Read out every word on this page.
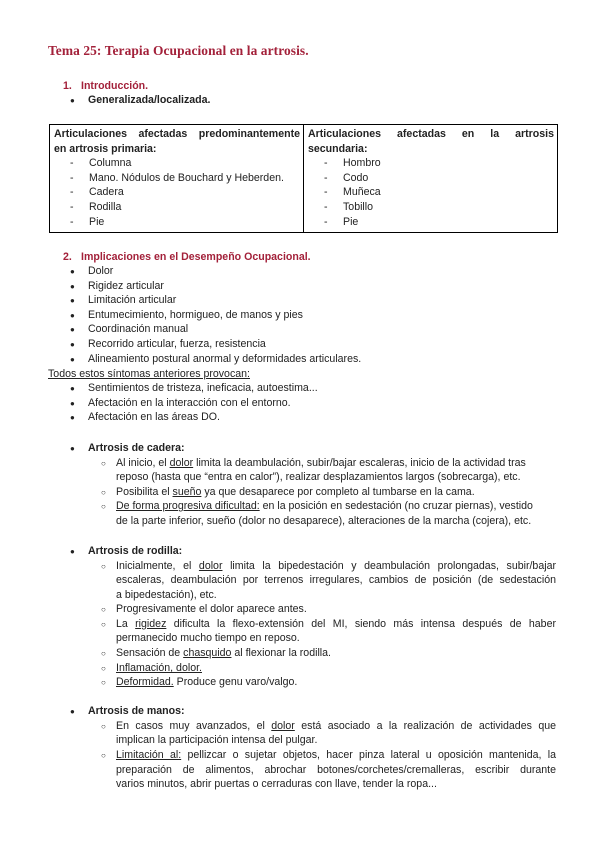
Tema 25: Terapia Ocupacional en la artrosis.
1. Introducción.
● Generalizada/localizada.
Articulaciones afectadas predominantemente
en artrosis primaria:
- Columna
- Mano. Nódulos de Bouchard y Heberden.
- Cadera
- Rodilla
- Pie

Articulaciones afectadas en la artrosis
secundaria:
- Hombro
- Codo
- Muñeca
- Tobillo
- Pie
2. Implicaciones en el Desempeño Ocupacional.
● Dolor
● Rigidez articular
● Limitación articular
● Entumecimiento, hormigueo, de manos y pies
● Coordinación manual
● Recorrido articular, fuerza, resistencia
● Alineamiento postural anormal y deformidades articulares.
Todos estos síntomas anteriores provocan:
● Sentimientos de tristeza, ineficacia, autoestima...
● Afectación en la interacción con el entorno.
● Afectación en las áreas DO.
● Artrosis de cadera:
○ Al inicio, el dolor limita la deambulación, subir/bajar escaleras, inicio de la actividad tras
reposo (hasta que “entra en calor”), realizar desplazamientos largos (sobrecarga), etc.
○ Posibilita el sueño ya que desaparece por completo al tumbarse en la cama.
○ De forma progresiva dificultad: en la posición en sedestación (no cruzar piernas), vestido
de la parte inferior, sueño (dolor no desaparece), alteraciones de la marcha (cojera), etc.
● Artrosis de rodilla:
○ Inicialmente, el dolor limita la bipedestación y deambulación prolongadas, subir/bajar
escaleras, deambulación por terrenos irregulares, cambios de posición (de sedestación
a bipedestación), etc.
○ Progresivamente el dolor aparece antes.
○ La rigidez dificulta la flexo-extensión del MI, siendo más intensa después de haber
permanecido mucho tiempo en reposo.
○ Sensación de chasquido al flexionar la rodilla.
○ Inflamación, dolor.
○ Deformidad. Produce genu varo/valgo.
● Artrosis de manos:
○ En casos muy avanzados, el dolor está asociado a la realización de actividades que
implican la participación intensa del pulgar.
○ Limitación al: pellizcar o sujetar objetos, hacer pinza lateral u oposición mantenida, la
preparación de alimentos, abrochar botones/corchetes/cremalleras, escribir durante
varios minutos, abrir puertas o cerraduras con llave, tender la ropa...
